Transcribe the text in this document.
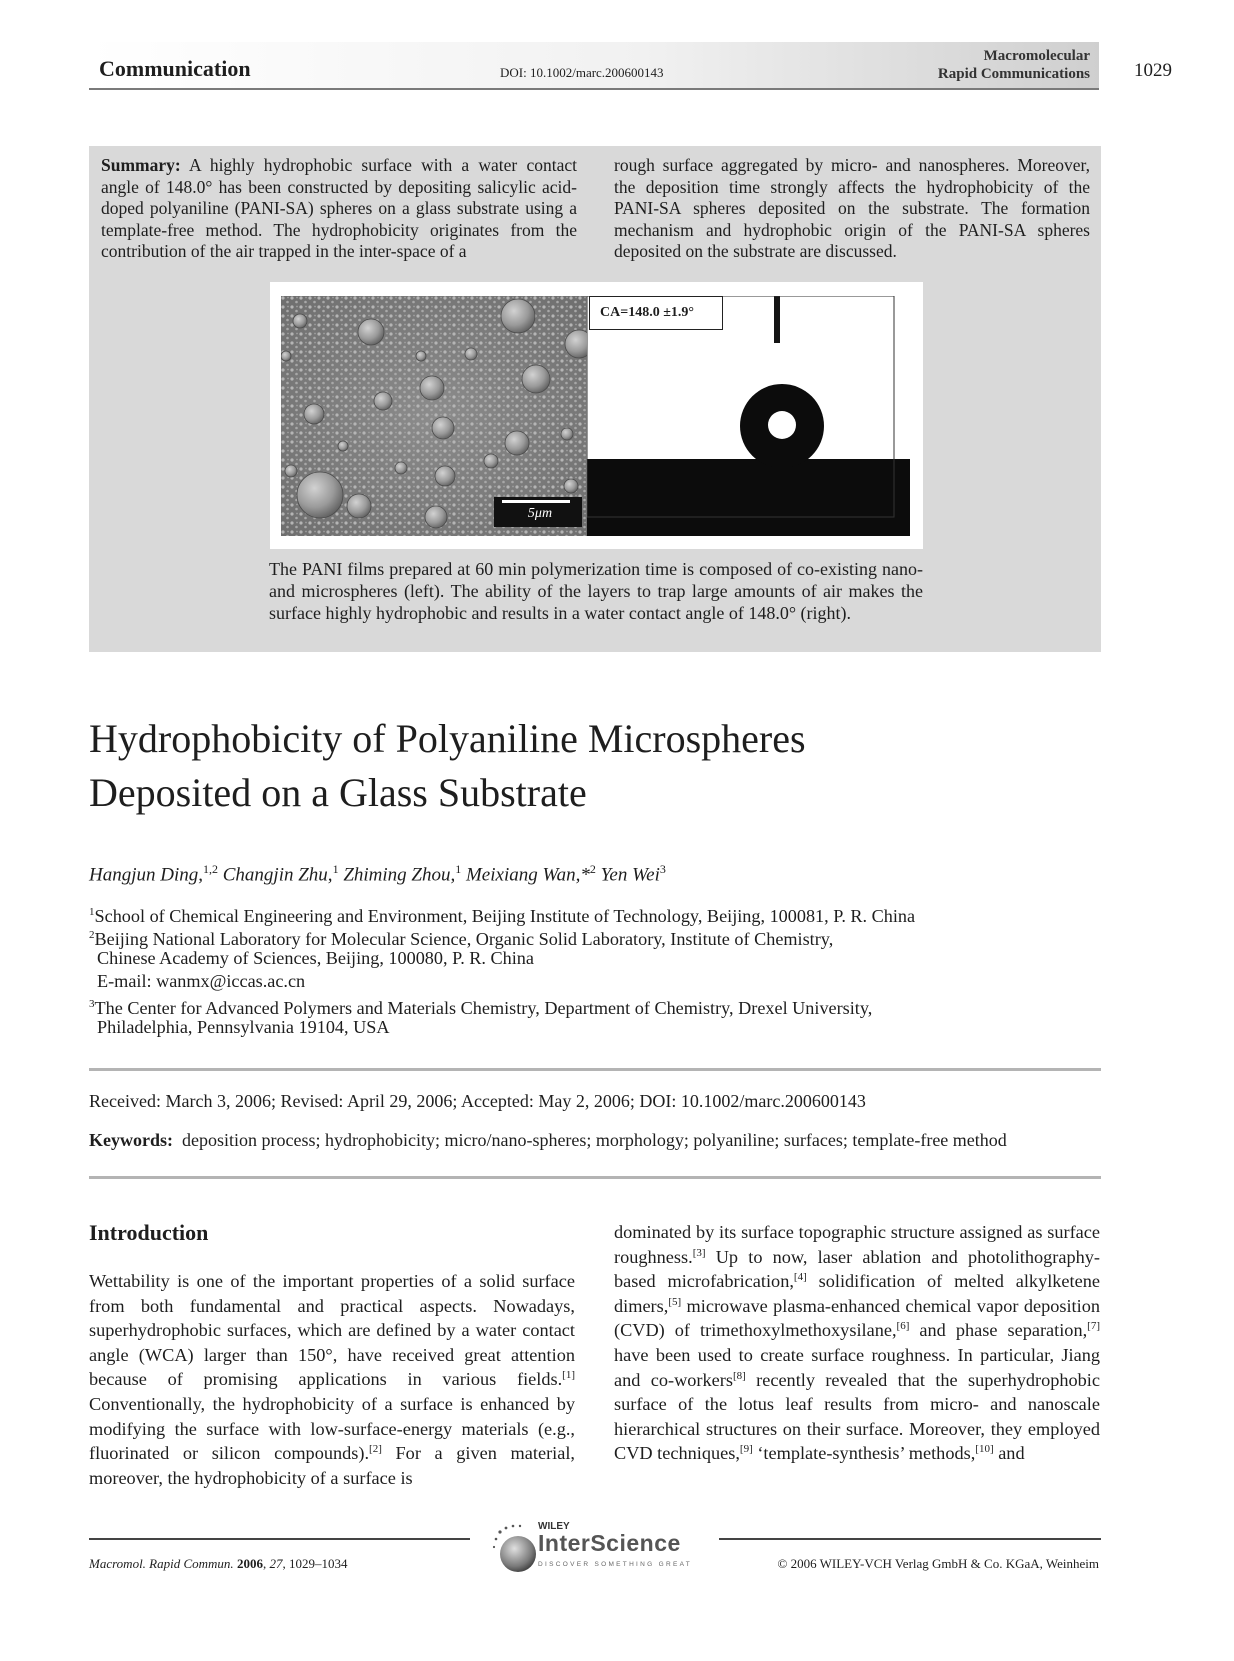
Communication	DOI: 10.1002/marc.200600143
Macromolecular
Rapid Communications 1029
Summary: A highly hydrophobic surface with a water contact angle of 148.0° has been constructed by depositing salicylic acid-doped polyaniline (PANI-SA) spheres on a glass substrate using a template-free method. The hydrophobicity originates from the contribution of the air trapped in the inter-space of a
rough surface aggregated by micro- and nanospheres. Moreover, the deposition time strongly affects the hydrophobicity of the PANI-SA spheres deposited on the substrate. The formation mechanism and hydrophobic origin of the PANI-SA spheres deposited on the substrate are discussed.
CA=148.0 ±1.9°
5μm
The PANI films prepared at 60 min polymerization time is composed of co-existing nano- and microspheres (left). The ability of the layers to trap large amounts of air makes the surface highly hydrophobic and results in a water contact angle of 148.0° (right).
Hydrophobicity of Polyaniline Microspheres
Deposited on a Glass Substrate
Hangjun Ding,$^{1,2}$ Changjin Zhu,$^1$ Zhiming Zhou,$^1$ Meixiang Wan,*$^2$ Yen Wei$^3$
$^1$School of Chemical Engineering and Environment, Beijing Institute of Technology, Beijing, 100081, P. R. China
$^2$Beijing National Laboratory for Molecular Science, Organic Solid Laboratory, Institute of Chemistry,
Chinese Academy of Sciences, Beijing, 100080, P. R. China
E-mail: wanmx@iccas.ac.cn
$^3$The Center for Advanced Polymers and Materials Chemistry, Department of Chemistry, Drexel University,
Philadelphia, Pennsylvania 19104, USA
Received: March 3, 2006; Revised: April 29, 2006; Accepted: May 2, 2006; DOI: 10.1002/marc.200600143
Keywords: deposition process; hydrophobicity; micro/nano-spheres; morphology; polyaniline; surfaces; template-free method
Introduction
Wettability is one of the important properties of a solid surface from both fundamental and practical aspects. Nowadays, superhydrophobic surfaces, which are defined by a water contact angle (WCA) larger than 150°, have received great attention because of promising applications in various fields.[1] Conventionally, the hydrophobicity of a surface is enhanced by modifying the surface with low-surface-energy materials (e.g., fluorinated or silicon compounds).[2] For a given material, moreover, the hydrophobicity of a surface is
dominated by its surface topographic structure assigned as surface roughness.[3] Up to now, laser ablation and photolithography-based microfabrication,[4] solidification of melted alkylketene dimers,[5] microwave plasma-enhanced chemical vapor deposition (CVD) of trimethoxylmethoxysilane,[6] and phase separation,[7] have been used to create surface roughness. In particular, Jiang and co-workers[8] recently revealed that the superhydrophobic surface of the lotus leaf results from micro- and nanoscale hierarchical structures on their surface. Moreover, they employed CVD techniques,[9] ‘template-synthesis’ methods,[10] and
Macromol. Rapid Commun. 2006, 27, 1029–1034	© 2006 WILEY-VCH Verlag GmbH & Co. KGaA, Weinheim
WILEY
InterScience
DISCOVER SOMETHING GREAT
